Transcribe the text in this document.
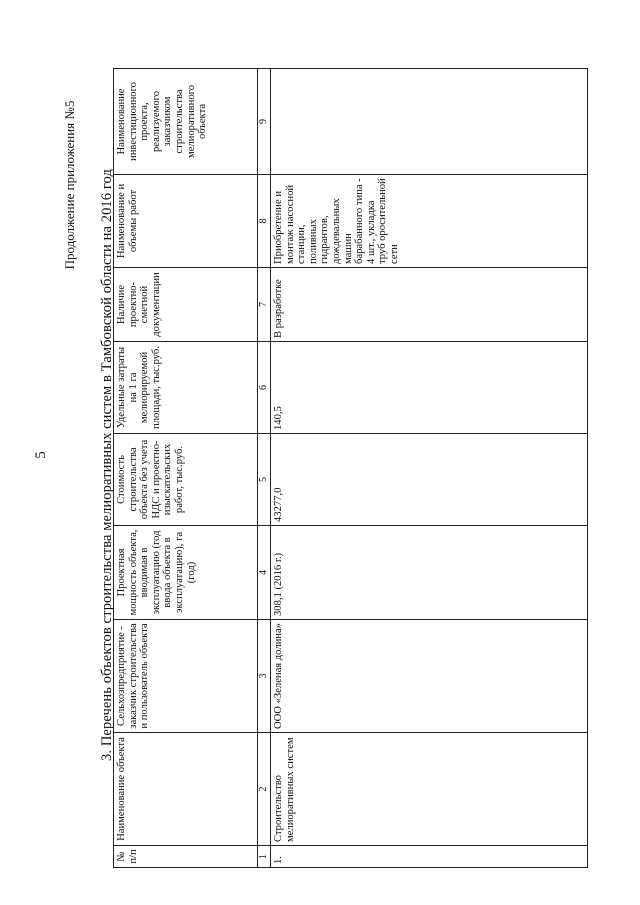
5
Продолжение приложения №5 3. Перечень объектов строительства мелиоративных систем в Тамбовской области на 2016 год
№ п/п	Наименование объекта	Сельхозпредприятие - заказчик строительства и пользователь объекта	Проектная мощность объекта, вводимая в эксплуатацию (год ввода объекта в эксплуатацию), га (год)	Стоимость строительства объекта без учета НДС и проектно-изыскательских работ, тыс.руб.	Удельные затраты на 1 га мелиорируемой площади, тыс.руб.	Наличие проектно-сметной документации	Наименование и объемы работ	Наименование инвестиционного проекта, реализуемого заказчиком строительства мелиоративного объекта
1	2	3	4	5	6	7	8	9
1.	Строительство мелиоративных систем	ООО «Зеленая долина»	308,1 (2016 г.)	43277,0	140,5	В разработке	Приобретение и монтаж насосной станции, поливных гидрантов, дождевальных машин барабанного типа - 4 шт., укладка труб оросительной сети	
